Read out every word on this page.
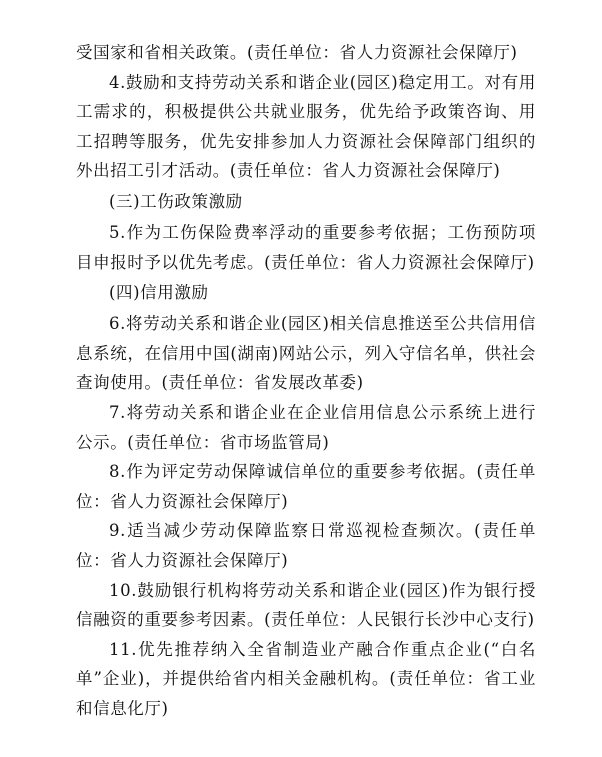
受国家和省相关政策。(责任单位：省人力资源社会保障厅)

4.鼓励和支持劳动关系和谐企业(园区)稳定用工。对有用工需求的，积极提供公共就业服务，优先给予政策咨询、用工招聘等服务，优先安排参加人力资源社会保障部门组织的外出招工引才活动。(责任单位：省人力资源社会保障厅)

(三)工伤政策激励

5.作为工伤保险费率浮动的重要参考依据；工伤预防项目申报时予以优先考虑。(责任单位：省人力资源社会保障厅)

(四)信用激励

6.将劳动关系和谐企业(园区)相关信息推送至公共信用信息系统，在信用中国(湖南)网站公示，列入守信名单，供社会查询使用。(责任单位：省发展改革委)

7.将劳动关系和谐企业在企业信用信息公示系统上进行公示。(责任单位：省市场监管局)

8.作为评定劳动保障诚信单位的重要参考依据。(责任单位：省人力资源社会保障厅)

9.适当减少劳动保障监察日常巡视检查频次。(责任单位：省人力资源社会保障厅)

10.鼓励银行机构将劳动关系和谐企业(园区)作为银行授信融资的重要参考因素。(责任单位：人民银行长沙中心支行)

11.优先推荐纳入全省制造业产融合作重点企业(“白名单”企业)，并提供给省内相关金融机构。(责任单位：省工业和信息化厅)
